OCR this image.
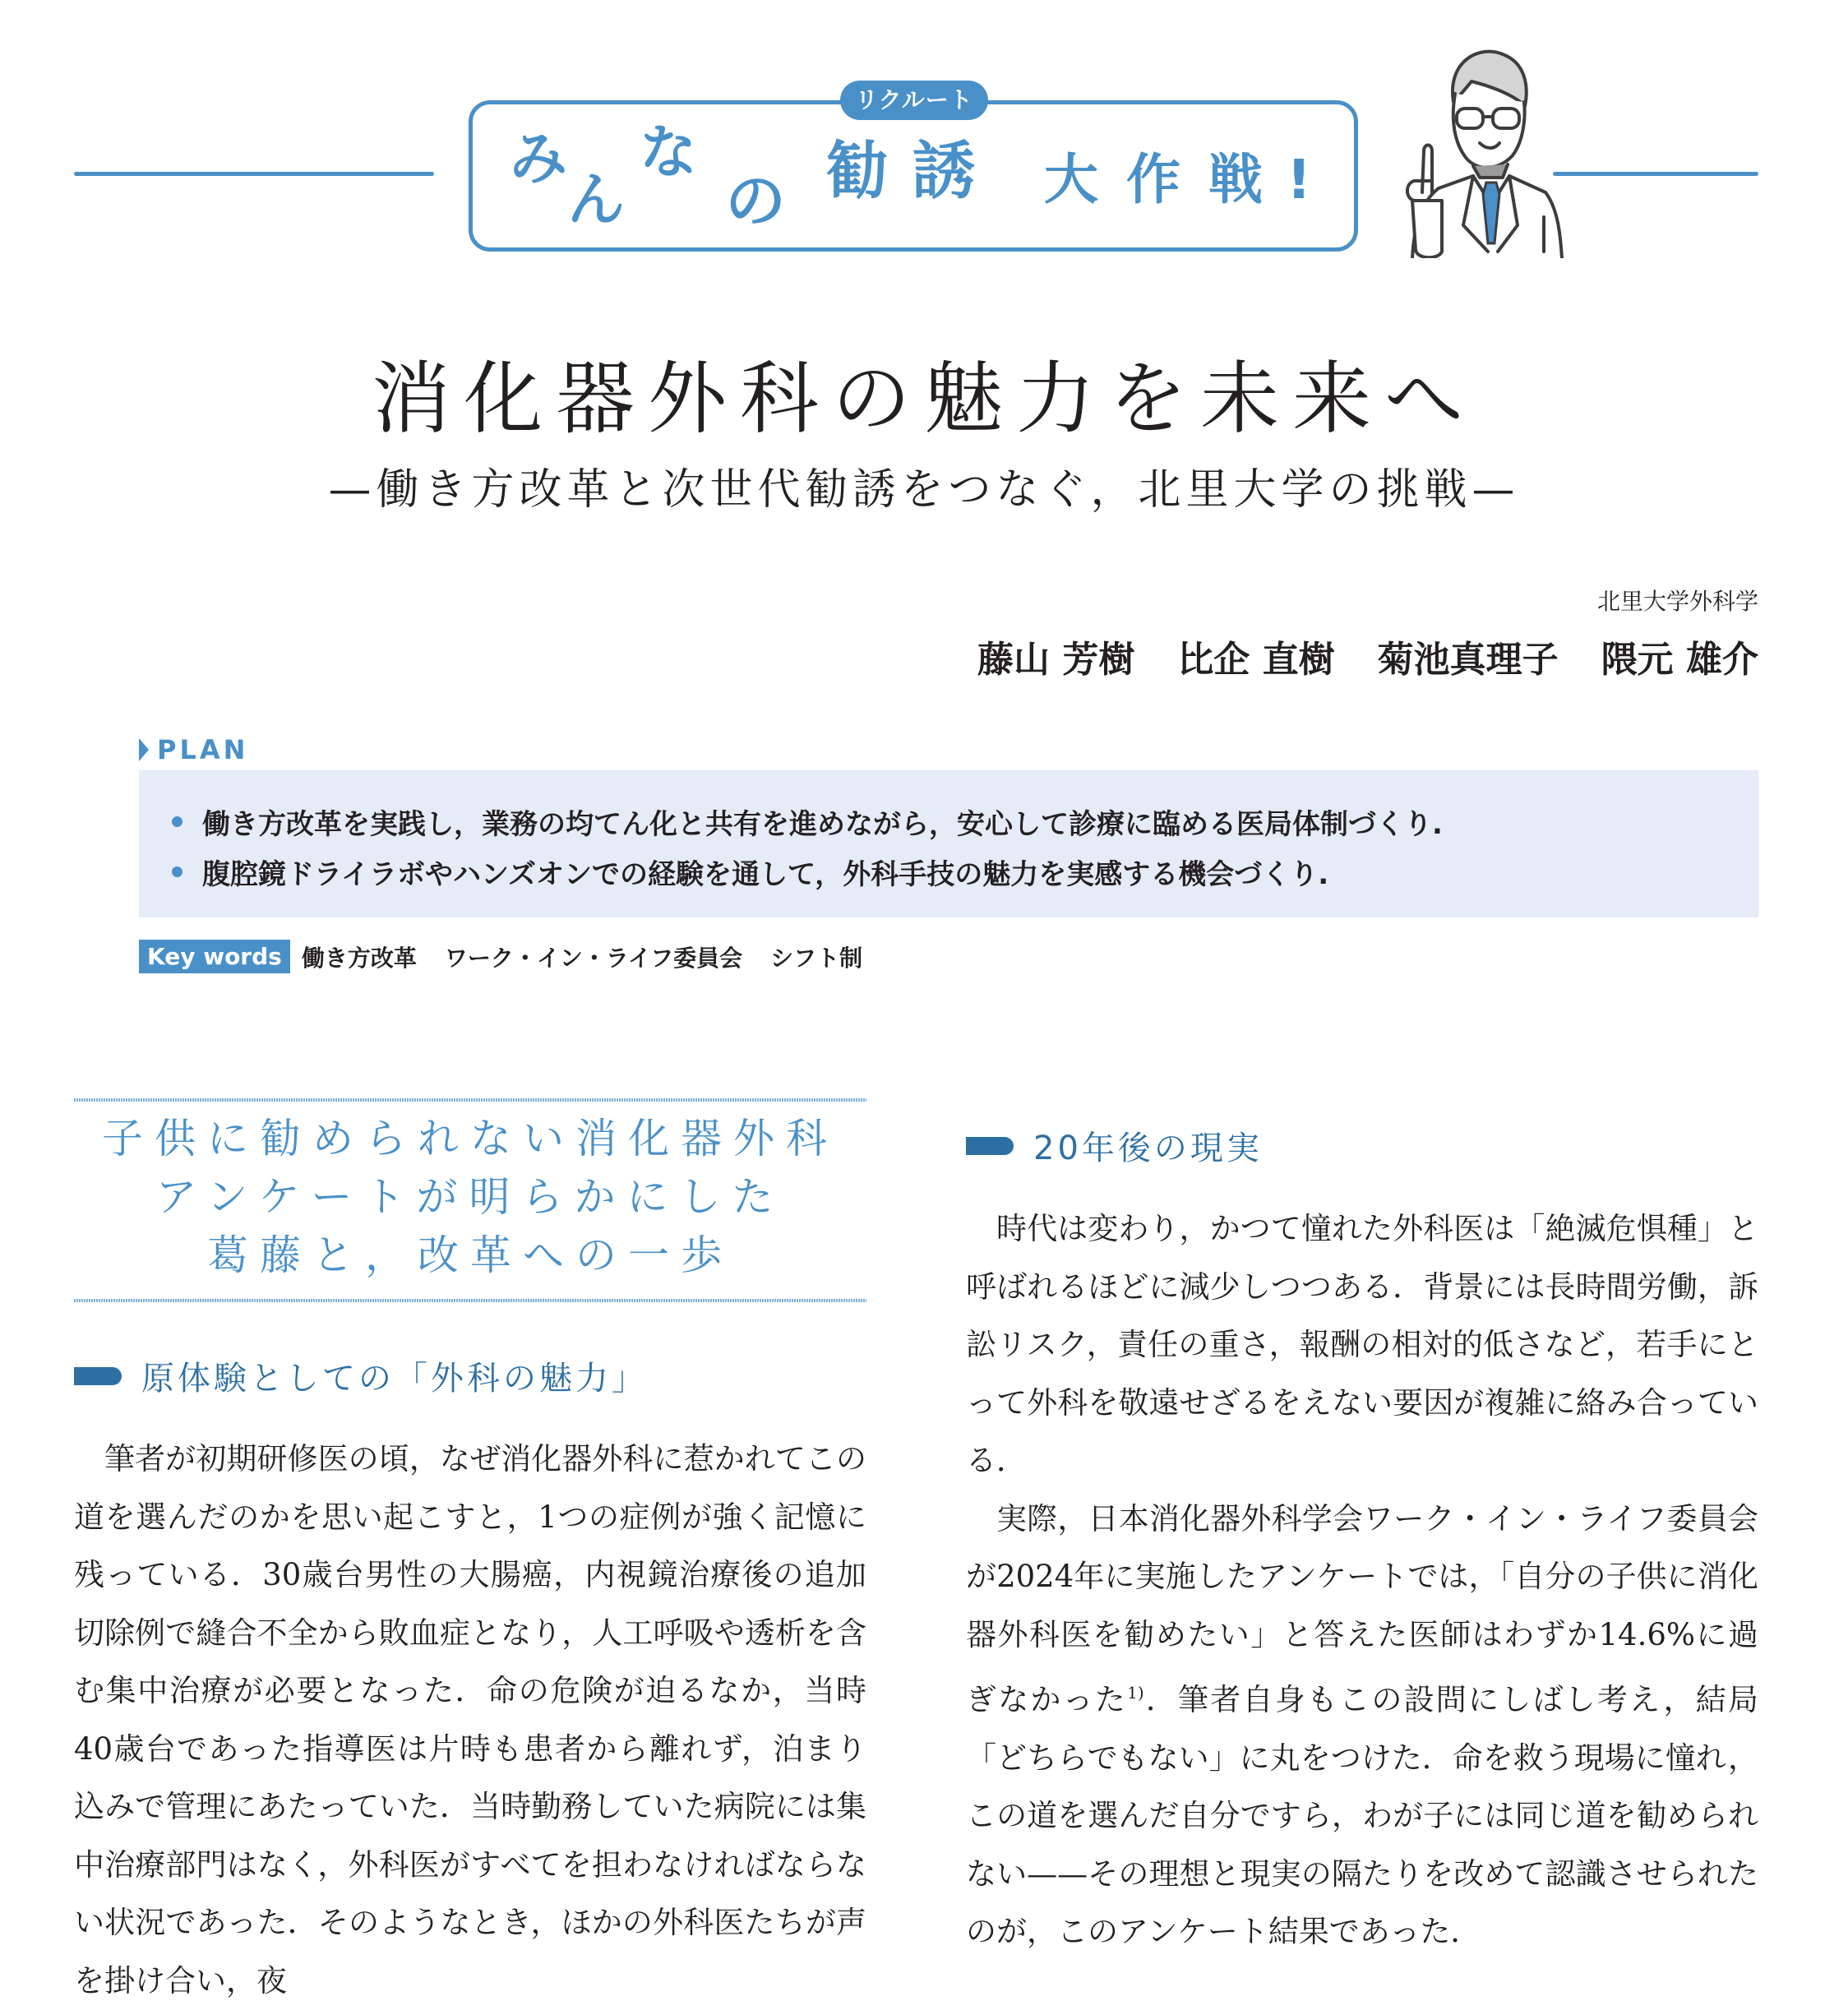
リクルート
み
ん
な
の 勧 誘 大 作 戦 !
消化器外科の魅力を未来へ
—働き方改革と次世代勧誘をつなぐ，北里大学の挑戦—
北里大学外科学
藤山 芳樹 比企 直樹 菊池真理子 隈元 雄介
PLAN
働き方改革を実践し，業務の均てん化と共有を進めながら，安心して診療に臨める医局体制づくり.
腹腔鏡ドライラボやハンズオンでの経験を通して，外科手技の魅力を実感する機会づくり.
Key words 働き方改革 ワーク・イン・ライフ委員会 シフト制
子供に勧められない消化器外科
アンケートが明らかにした
葛藤と，改革への一歩
原体験としての「外科の魅力」

筆者が初期研修医の頃，なぜ消化器外科に惹かれてこの道を選んだのかを思い起こすと，1つの症例が強く記憶に残っている．30歳台男性の大腸癌，内視鏡治療後の追加切除例で縫合不全から敗血症となり，人工呼吸や透析を含む集中治療が必要となった．命の危険が迫るなか，当時40歳台であった指導医は片時も患者から離れず，泊まり込みで管理にあたっていた．当時勤務していた病院には集中治療部門はなく，外科医がすべてを担わなければならない状況であった．そのようなとき，ほかの外科医たちが声を掛け合い，夜

20年後の現実

時代は変わり，かつて憧れた外科医は「絶滅危惧種」と呼ばれるほどに減少しつつある．背景には長時間労働，訴訟リスク，責任の重さ，報酬の相対的低さなど，若手にとって外科を敬遠せざるをえない要因が複雑に絡み合っている．

実際，日本消化器外科学会ワーク・イン・ライフ委員会が2024年に実施したアンケートでは，「自分の子供に消化器外科医を勧めたい」と答えた医師はわずか14.6%に過ぎなかった$^{1)}$．筆者自身もこの設問にしばし考え，結局「どちらでもない」に丸をつけた．命を救う現場に憧れ，この道を選んだ自分ですら，わが子には同じ道を勧められない——その理想と現実の隔たりを改めて認識させられたのが，このアンケート結果であった．
